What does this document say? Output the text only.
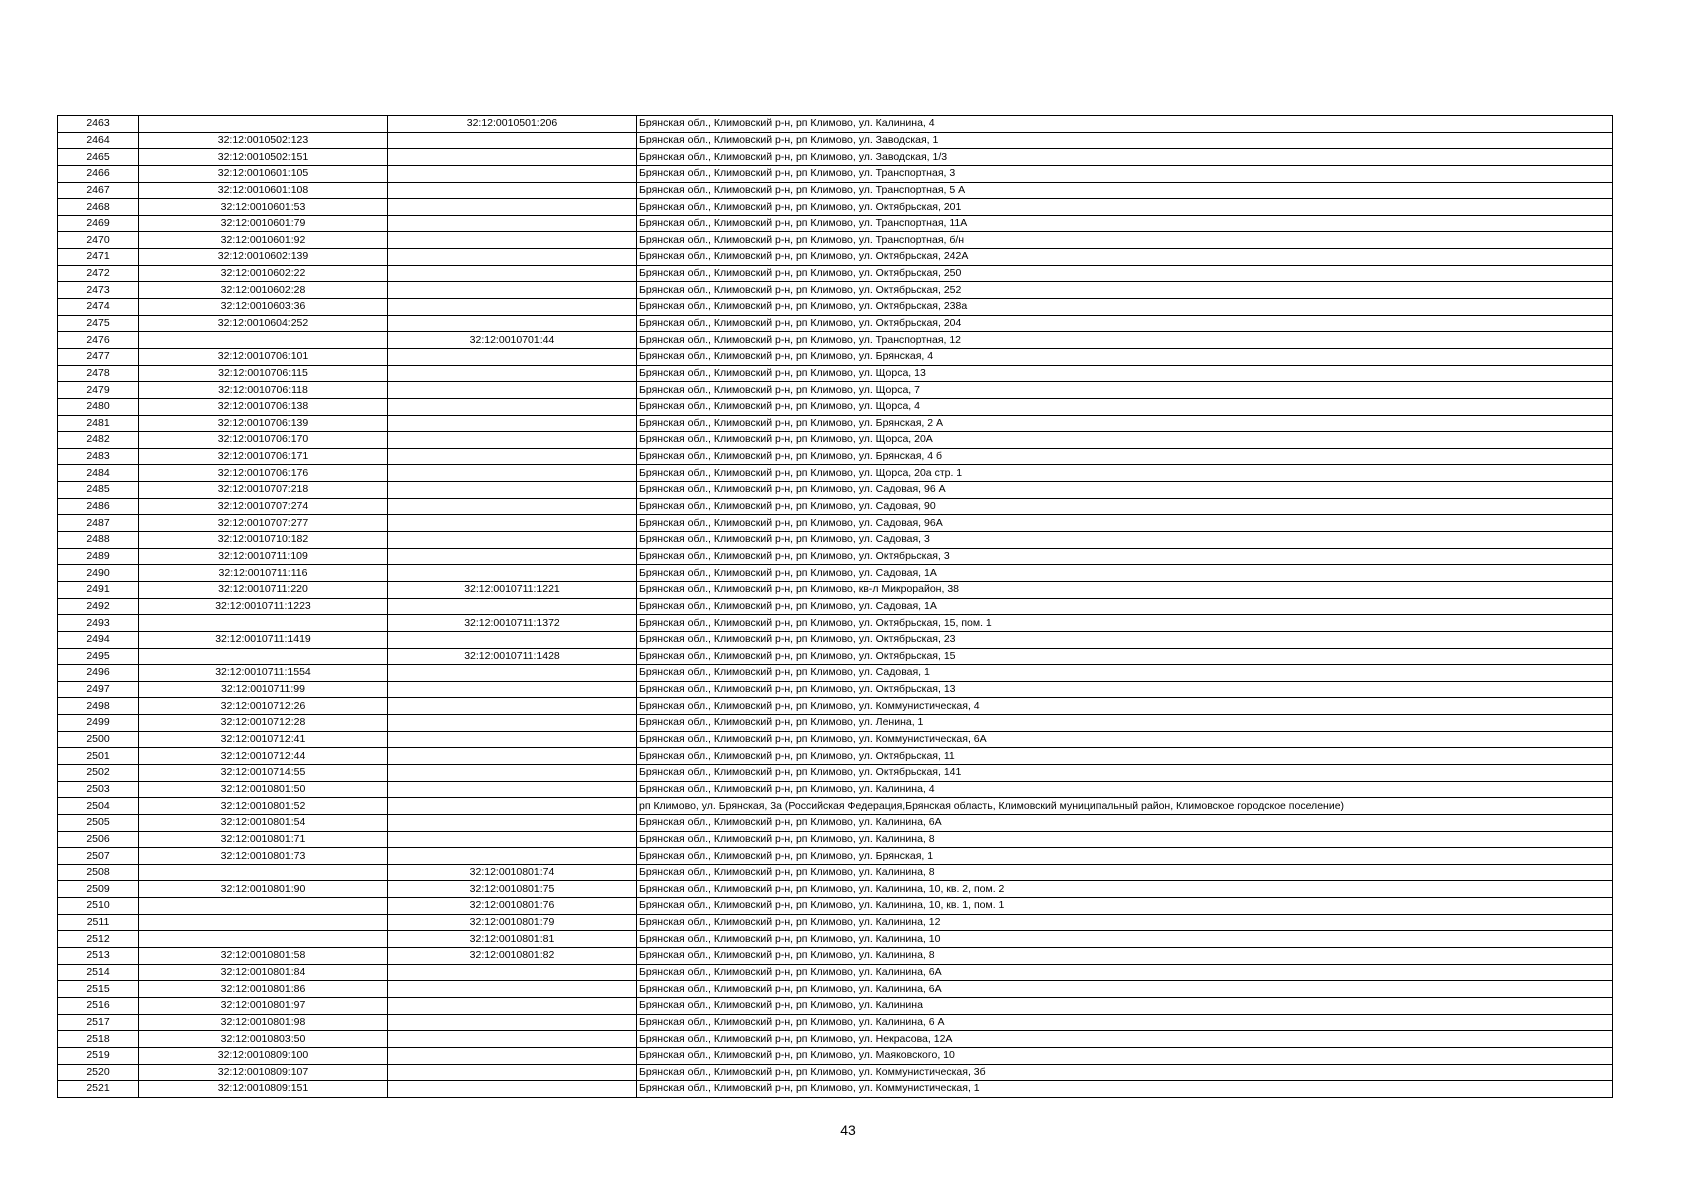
2463		32:12:0010501:206	Брянская обл., Климовский р-н, рп Климово, ул. Калинина, 4
2464	32:12:0010502:123		Брянская обл., Климовский р-н, рп Климово, ул. Заводская, 1
2465	32:12:0010502:151		Брянская обл., Климовский р-н, рп Климово, ул. Заводская, 1/3
2466	32:12:0010601:105		Брянская обл., Климовский р-н, рп Климово, ул. Транспортная, 3
2467	32:12:0010601:108		Брянская обл., Климовский р-н, рп Климово, ул. Транспортная, 5 А
2468	32:12:0010601:53		Брянская обл., Климовский р-н, рп Климово, ул. Октябрьская, 201
2469	32:12:0010601:79		Брянская обл., Климовский р-н, рп Климово, ул. Транспортная, 11А
2470	32:12:0010601:92		Брянская обл., Климовский р-н, рп Климово, ул. Транспортная, б/н
2471	32:12:0010602:139		Брянская обл., Климовский р-н, рп Климово, ул. Октябрьская, 242А
2472	32:12:0010602:22		Брянская обл., Климовский р-н, рп Климово, ул. Октябрьская, 250
2473	32:12:0010602:28		Брянская обл., Климовский р-н, рп Климово, ул. Октябрьская, 252
2474	32:12:0010603:36		Брянская обл., Климовский р-н, рп Климово, ул. Октябрьская, 238а
2475	32:12:0010604:252		Брянская обл., Климовский р-н, рп Климово, ул. Октябрьская, 204
2476		32:12:0010701:44	Брянская обл., Климовский р-н, рп Климово, ул. Транспортная, 12
2477	32:12:0010706:101		Брянская обл., Климовский р-н, рп Климово, ул. Брянская, 4
2478	32:12:0010706:115		Брянская обл., Климовский р-н, рп Климово, ул. Щорса, 13
2479	32:12:0010706:118		Брянская обл., Климовский р-н, рп Климово, ул. Щорса, 7
2480	32:12:0010706:138		Брянская обл., Климовский р-н, рп Климово, ул. Щорса, 4
2481	32:12:0010706:139		Брянская обл., Климовский р-н, рп Климово, ул. Брянская, 2 А
2482	32:12:0010706:170		Брянская обл., Климовский р-н, рп Климово, ул. Щорса, 20А
2483	32:12:0010706:171		Брянская обл., Климовский р-н, рп Климово, ул. Брянская, 4 б
2484	32:12:0010706:176		Брянская обл., Климовский р-н, рп Климово, ул. Щорса, 20а стр. 1
2485	32:12:0010707:218		Брянская обл., Климовский р-н, рп Климово, ул. Садовая, 96 А
2486	32:12:0010707:274		Брянская обл., Климовский р-н, рп Климово, ул. Садовая, 90
2487	32:12:0010707:277		Брянская обл., Климовский р-н, рп Климово, ул. Садовая, 96А
2488	32:12:0010710:182		Брянская обл., Климовский р-н, рп Климово, ул. Садовая, 3
2489	32:12:0010711:109		Брянская обл., Климовский р-н, рп Климово, ул. Октябрьская, 3
2490	32:12:0010711:116		Брянская обл., Климовский р-н, рп Климово, ул. Садовая, 1А
2491	32:12:0010711:220	32:12:0010711:1221	Брянская обл., Климовский р-н, рп Климово, кв-л Микрорайон, 38
2492	32:12:0010711:1223		Брянская обл., Климовский р-н, рп Климово, ул. Садовая, 1А
2493		32:12:0010711:1372	Брянская обл., Климовский р-н, рп Климово, ул. Октябрьская, 15, пом. 1
2494	32:12:0010711:1419		Брянская обл., Климовский р-н, рп Климово, ул. Октябрьская, 23
2495		32:12:0010711:1428	Брянская обл., Климовский р-н, рп Климово, ул. Октябрьская, 15
2496	32:12:0010711:1554		Брянская обл., Климовский р-н, рп Климово, ул. Садовая, 1
2497	32:12:0010711:99		Брянская обл., Климовский р-н, рп Климово, ул. Октябрьская, 13
2498	32:12:0010712:26		Брянская обл., Климовский р-н, рп Климово, ул. Коммунистическая, 4
2499	32:12:0010712:28		Брянская обл., Климовский р-н, рп Климово, ул. Ленина, 1
2500	32:12:0010712:41		Брянская обл., Климовский р-н, рп Климово, ул. Коммунистическая, 6А
2501	32:12:0010712:44		Брянская обл., Климовский р-н, рп Климово, ул. Октябрьская, 11
2502	32:12:0010714:55		Брянская обл., Климовский р-н, рп Климово, ул. Октябрьская, 141
2503	32:12:0010801:50		Брянская обл., Климовский р-н, рп Климово, ул. Калинина, 4
2504	32:12:0010801:52		рп Климово, ул. Брянская, 3а (Российская Федерация,Брянская область, Климовский муниципальный район, Климовское городское поселение)
2505	32:12:0010801:54		Брянская обл., Климовский р-н, рп Климово, ул. Калинина, 6А
2506	32:12:0010801:71		Брянская обл., Климовский р-н, рп Климово, ул. Калинина, 8
2507	32:12:0010801:73		Брянская обл., Климовский р-н, рп Климово, ул. Брянская, 1
2508		32:12:0010801:74	Брянская обл., Климовский р-н, рп Климово, ул. Калинина, 8
2509	32:12:0010801:90	32:12:0010801:75	Брянская обл., Климовский р-н, рп Климово, ул. Калинина, 10, кв. 2, пом. 2
2510		32:12:0010801:76	Брянская обл., Климовский р-н, рп Климово, ул. Калинина, 10, кв. 1, пом. 1
2511		32:12:0010801:79	Брянская обл., Климовский р-н, рп Климово, ул. Калинина, 12
2512		32:12:0010801:81	Брянская обл., Климовский р-н, рп Климово, ул. Калинина, 10
2513	32:12:0010801:58	32:12:0010801:82	Брянская обл., Климовский р-н, рп Климово, ул. Калинина, 8
2514	32:12:0010801:84		Брянская обл., Климовский р-н, рп Климово, ул. Калинина, 6А
2515	32:12:0010801:86		Брянская обл., Климовский р-н, рп Климово, ул. Калинина, 6А
2516	32:12:0010801:97		Брянская обл., Климовский р-н, рп Климово, ул. Калинина
2517	32:12:0010801:98		Брянская обл., Климовский р-н, рп Климово, ул. Калинина, 6 А
2518	32:12:0010803:50		Брянская обл., Климовский р-н, рп Климово, ул. Некрасова, 12А
2519	32:12:0010809:100		Брянская обл., Климовский р-н, рп Климово, ул. Маяковского, 10
2520	32:12:0010809:107		Брянская обл., Климовский р-н, рп Климово, ул. Коммунистическая, 3б
2521	32:12:0010809:151		Брянская обл., Климовский р-н, рп Климово, ул. Коммунистическая, 1
43
